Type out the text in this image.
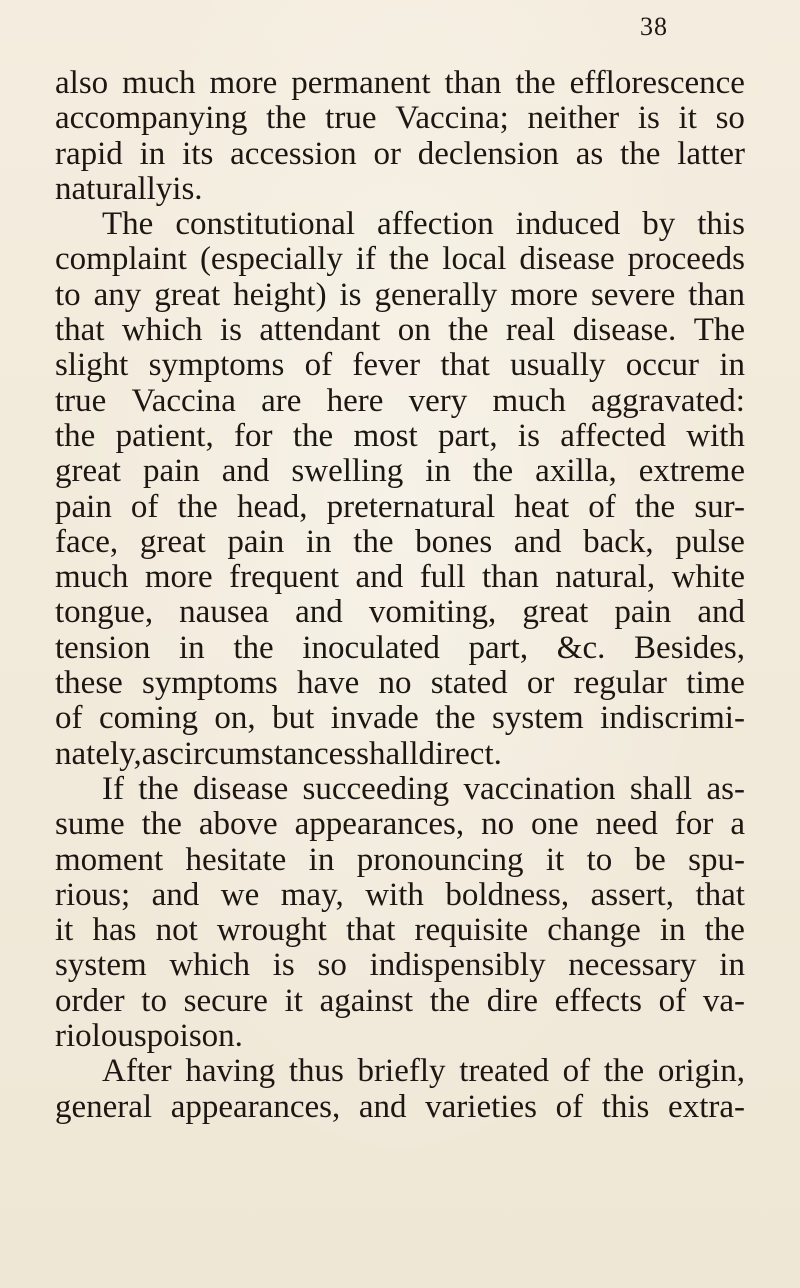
38
also much more permanent than the efflorescence
accompanying the true Vaccina; neither is it so
rapid in its accession or declension as the latter
naturally is.
The constitutional affection induced by this
complaint (especially if the local disease proceeds
to any great height) is generally more severe than
that which is attendant on the real disease. The
slight symptoms of fever that usually occur in
true Vaccina are here very much aggravated:
the patient, for the most part, is affected with
great pain and swelling in the axilla, extreme
pain of the head, preternatural heat of the sur-
face, great pain in the bones and back, pulse
much more frequent and full than natural, white
tongue, nausea and vomiting, great pain and
tension in the inoculated part, &c. Besides,
these symptoms have no stated or regular time
of coming on, but invade the system indiscrimi-
nately, as circumstances shall direct.
If the disease succeeding vaccination shall as-
sume the above appearances, no one need for a
moment hesitate in pronouncing it to be spu-
rious; and we may, with boldness, assert, that
it has not wrought that requisite change in the
system which is so indispensibly necessary in
order to secure it against the dire effects of va-
riolous poison.
After having thus briefly treated of the origin,
general appearances, and varieties of this extra-
